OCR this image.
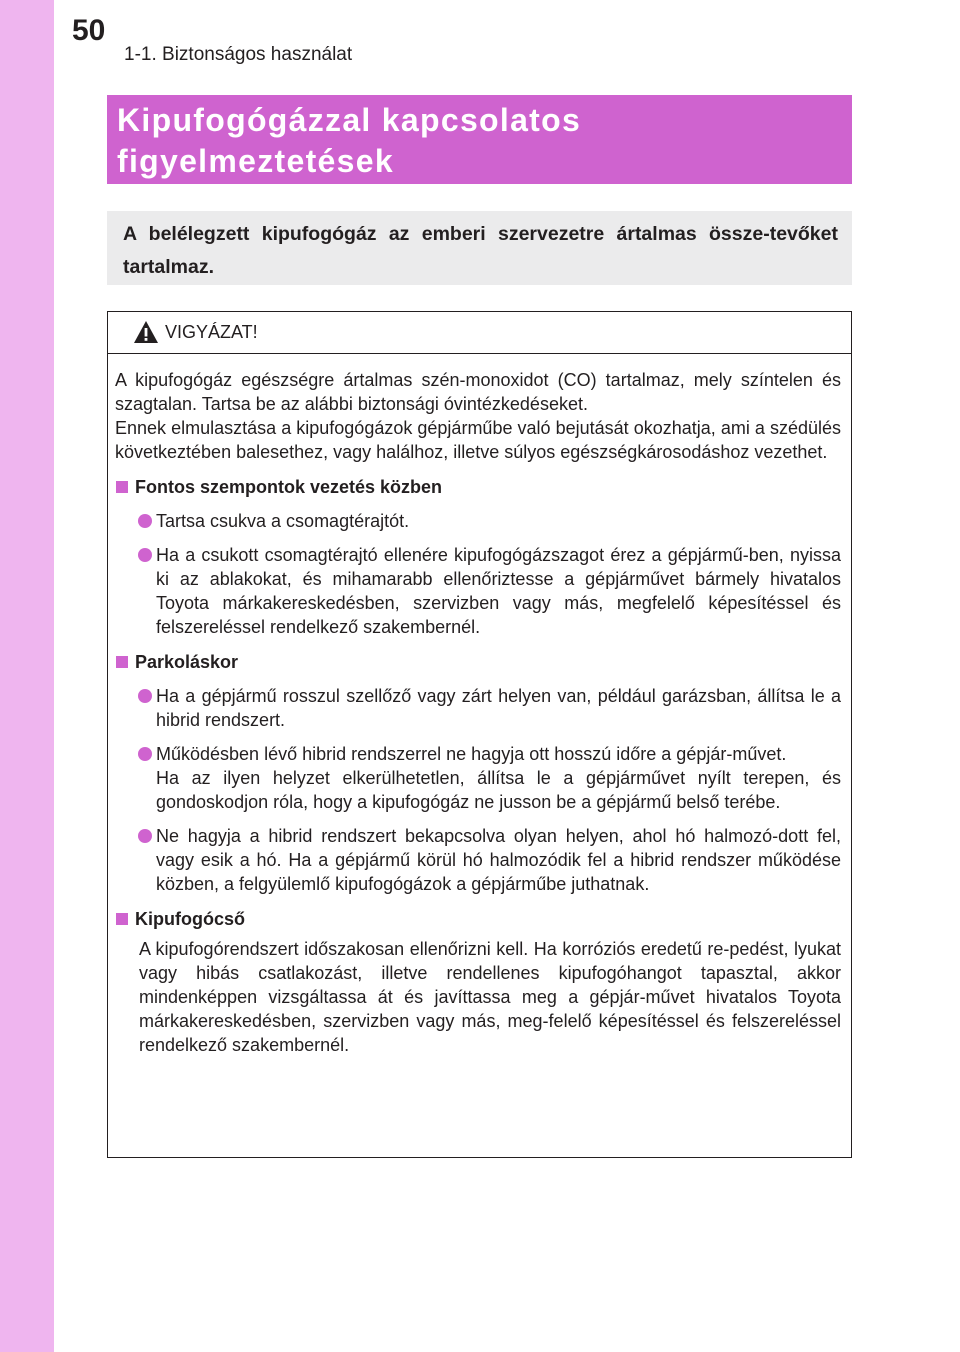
50
1-1. Biztonságos használat

Kipufogógázzal kapcsolatos

figyelmeztetések

A belélegzett kipufogógáz az emberi szervezetre ártalmas össze-tevőket tartalmaz.
VIGYÁZAT!

A kipufogógáz egészségre ártalmas szén-monoxidot (CO) tartalmaz, mely színtelen és szagtalan. Tartsa be az alábbi biztonsági óvintézkedéseket.

Ennek elmulasztása a kipufogógázok gépjárműbe való bejutását okozhatja, ami a szédülés következtében balesethez, vagy halálhoz, illetve súlyos egészségkárosodáshoz vezethet.

Fontos szempontok vezetés közben
Tartsa csukva a csomagtérajtót.
Ha a csukott csomagtérajtó ellenére kipufogógázszagot érez a gépjármű-ben, nyissa ki az ablakokat, és mihamarabb ellenőriztesse a gépjárművet bármely hivatalos Toyota márkakereskedésben, szervizben vagy más, megfelelő képesítéssel és felszereléssel rendelkező szakembernél.
Parkoláskor
Ha a gépjármű rosszul szellőző vagy zárt helyen van, például garázsban, állítsa le a hibrid rendszert.
Működésben lévő hibrid rendszerrel ne hagyja ott hosszú időre a gépjár-művet.
Ha az ilyen helyzet elkerülhetetlen, állítsa le a gépjárművet nyílt terepen, és gondoskodjon róla, hogy a kipufogógáz ne jusson be a gépjármű belső terébe.
Ne hagyja a hibrid rendszert bekapcsolva olyan helyen, ahol hó halmozó-dott fel, vagy esik a hó. Ha a gépjármű körül hó halmozódik fel a hibrid rendszer működése közben, a felgyülemlő kipufogógázok a gépjárműbe juthatnak.
Kipufogócső

A kipufogórendszert időszakosan ellenőrizni kell. Ha korróziós eredetű re-pedést, lyukat vagy hibás csatlakozást, illetve rendellenes kipufogóhangot tapasztal, akkor mindenképpen vizsgáltassa át és javíttassa meg a gépjár-művet hivatalos Toyota márkakereskedésben, szervizben vagy más, meg-felelő képesítéssel és felszereléssel rendelkező szakembernél.
